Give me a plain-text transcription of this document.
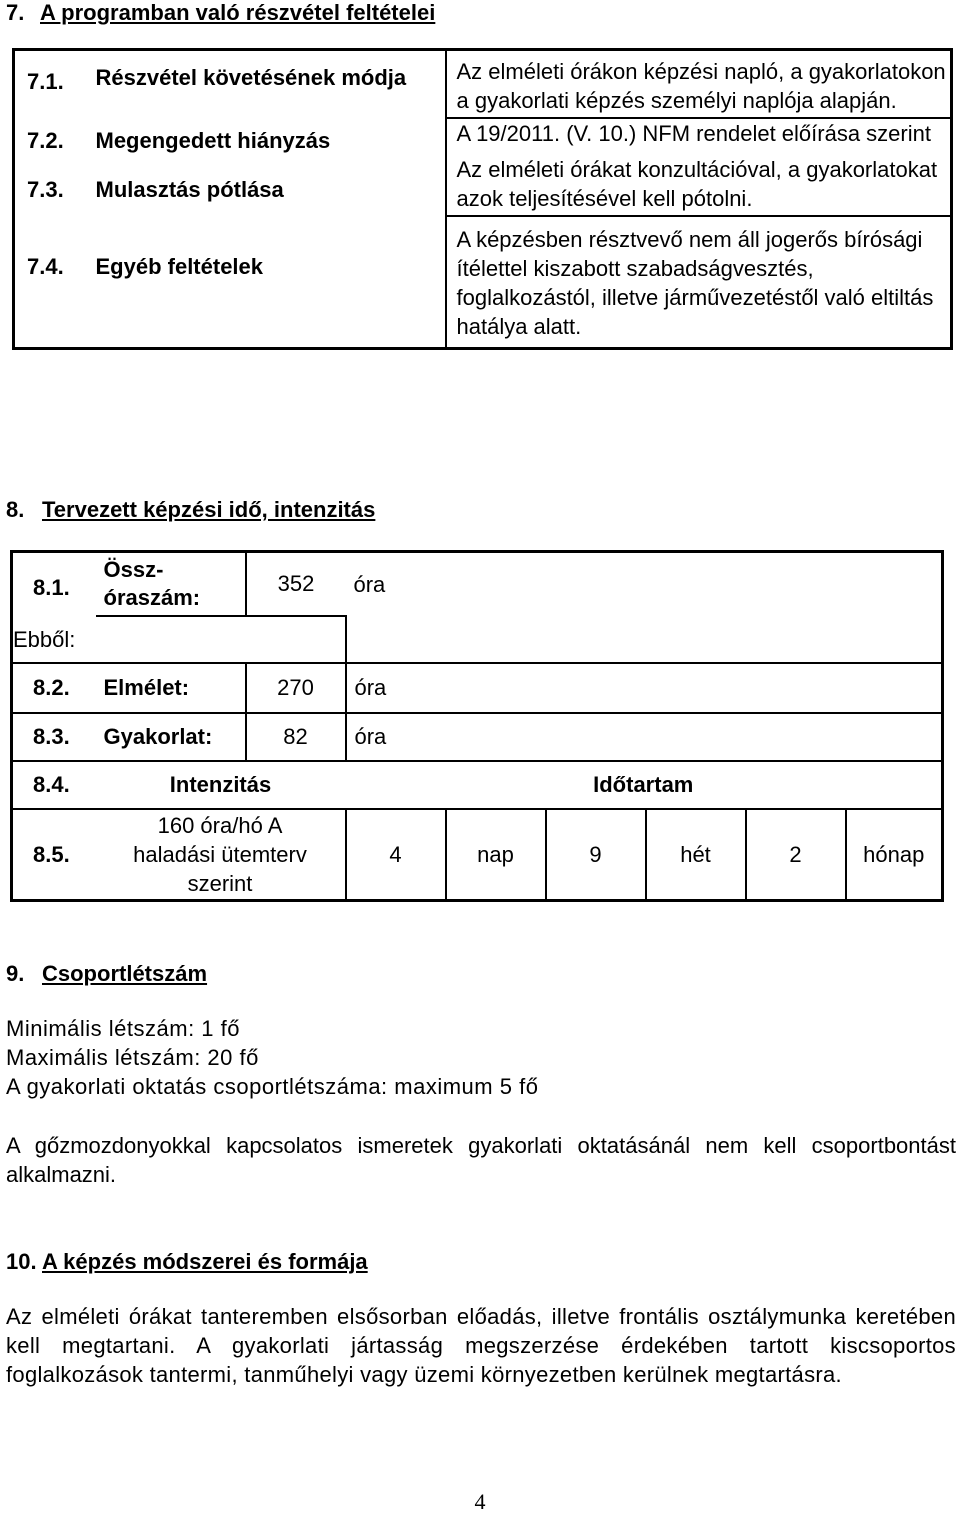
7. A programban való részvétel feltételei
7.1.	Részvétel követésének módja	Az elméleti órákon képzési napló, a gyakorlatokon a gyakorlati képzés személyi naplója alapján.
7.2.	Megengedett hiányzás	A 19/2011. (V. 10.) NFM rendelet előírása szerint
7.3.	Mulasztás pótlása	Az elméleti órákat konzultációval, a gyakorlatokat azok teljesítésével kell pótolni.
7.4.	Egyéb feltételek	A képzésben résztvevő nem áll jogerős bírósági ítélettel kiszabott szabadságvesztés, foglalkozástól, illetve járművezetéstől való eltiltás hatálya alatt.
8. Tervezett képzési idő, intenzitás
8.1.	Össz-óraszám:	352	óra					
Ebből:								
8.2.	Elmélet:	270	óra					
8.3.	Gyakorlat:	82	óra					
8.4.	Intenzitás		Időtartam					
8.5.	160 óra/hó A haladási ütemterv szerint		4	nap	9	hét	2	hónap
9. Csoportlétszám
Minimális létszám: 1 fő
Maximális létszám: 20 fő
A gyakorlati oktatás csoportlétszáma: maximum 5 fő
A gőzmozdonyokkal kapcsolatos ismeretek gyakorlati oktatásánál nem kell csoportbontást alkalmazni.
10. A képzés módszerei és formája
Az elméleti órákat tanteremben elsősorban előadás, illetve frontális osztálymunka keretében kell megtartani. A gyakorlati jártasság megszerzése érdekében tartott kiscsoportos foglalkozások tantermi, tanműhelyi vagy üzemi környezetben kerülnek megtartásra.
4
